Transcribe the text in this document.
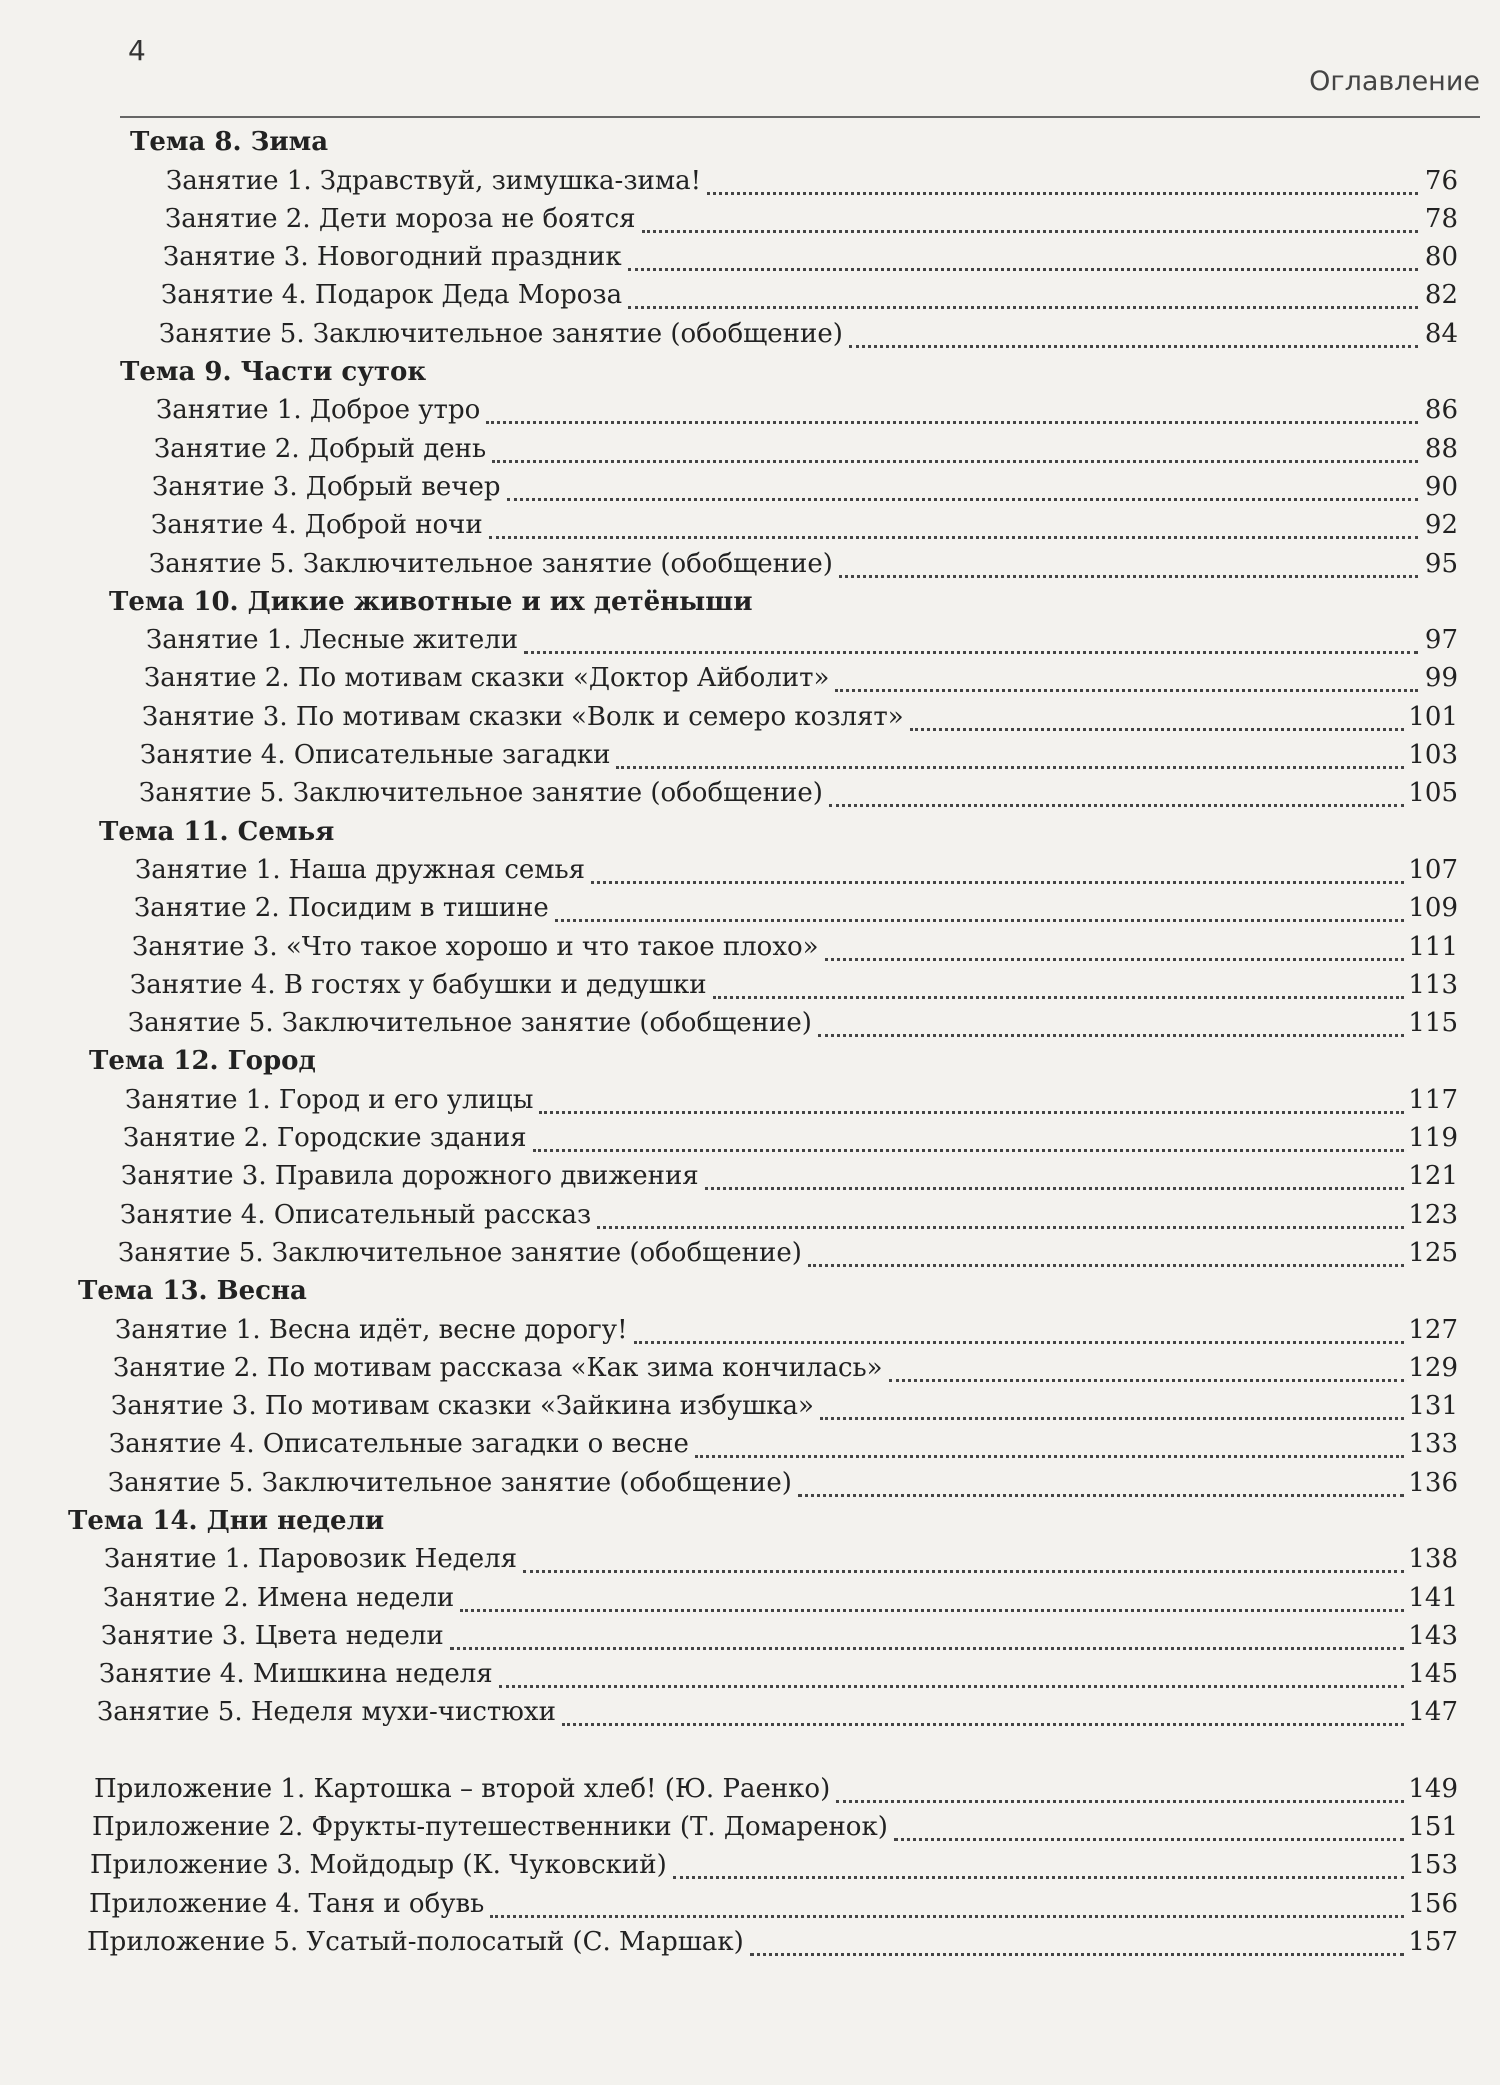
4
Оглавление
Тема 8. Зима
Занятие 1. Здравствуй, зимушка-зима!	76
Занятие 2. Дети мороза не боятся	78
Занятие 3. Новогодний праздник	80
Занятие 4. Подарок Деда Мороза	82
Занятие 5. Заключительное занятие (обобщение)	84
Тема 9. Части суток
Занятие 1. Доброе утро	86
Занятие 2. Добрый день	88
Занятие 3. Добрый вечер	90
Занятие 4. Доброй ночи	92
Занятие 5. Заключительное занятие (обобщение)	95
Тема 10. Дикие животные и их детёныши
Занятие 1. Лесные жители	97
Занятие 2. По мотивам сказки «Доктор Айболит»	99
Занятие 3. По мотивам сказки «Волк и семеро козлят»	101
Занятие 4. Описательные загадки	103
Занятие 5. Заключительное занятие (обобщение)	105
Тема 11. Семья
Занятие 1. Наша дружная семья	107
Занятие 2. Посидим в тишине	109
Занятие 3. «Что такое хорошо и что такое плохо»	111
Занятие 4. В гостях у бабушки и дедушки	113
Занятие 5. Заключительное занятие (обобщение)	115
Тема 12. Город
Занятие 1. Город и его улицы	117
Занятие 2. Городские здания	119
Занятие 3. Правила дорожного движения	121
Занятие 4. Описательный рассказ	123
Занятие 5. Заключительное занятие (обобщение)	125
Тема 13. Весна
Занятие 1. Весна идёт, весне дорогу!	127
Занятие 2. По мотивам рассказа «Как зима кончилась»	129
Занятие 3. По мотивам сказки «Зайкина избушка»	131
Занятие 4. Описательные загадки о весне	133
Занятие 5. Заключительное занятие (обобщение)	136
Тема 14. Дни недели
Занятие 1. Паровозик Неделя	138
Занятие 2. Имена недели	141
Занятие 3. Цвета недели	143
Занятие 4. Мишкина неделя	145
Занятие 5. Неделя мухи-чистюхи	147
Приложение 1. Картошка – второй хлеб! (Ю. Раенко)	149
Приложение 2. Фрукты-путешественники (Т. Домаренок)	151
Приложение 3. Мойдодыр (К. Чуковский)	153
Приложение 4. Таня и обувь	156
Приложение 5. Усатый-полосатый (С. Маршак)	157
